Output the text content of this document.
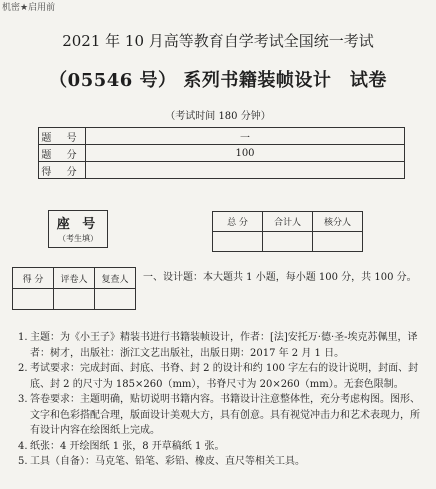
机密★启用前
2021 年 10 月高等教育自学考试全国统一考试
（05546 号） 系列书籍装帧设计　试卷
（考试时间 180 分钟）
题 号	一
题 分	100
得 分	
座 号
（考生填）
总 分	合计人	核分人

得 分	评卷人	复查人
		一、设计题：本大题共 1 小题，每小题 100 分，共 100 分。
1. 主题：为《小王子》精装书进行书籍装帧设计，作者：[法]安托万·德·圣-埃克苏佩里，译者：树才，出版社：浙江文艺出版社，出版日期：2017 年 2 月 1 日。
2. 考试要求：完成封面、封底、书脊、封 2 的设计和约 100 字左右的设计说明，封面、封底、封 2 的尺寸为 185×260（mm），书脊尺寸为 20×260（mm）。无套色限制。
3. 答卷要求：主题明确，贴切说明书籍内容。书籍设计注意整体性，充分考虑构图。图形、文字和色彩搭配合理，版面设计美观大方，具有创意。具有视觉冲击力和艺术表现力，所有设计内容在绘图纸上完成。
4. 纸张：4 开绘图纸 1 张，8 开草稿纸 1 张。
5. 工具（自备）：马克笔、铅笔、彩铅、橡皮、直尺等相关工具。
